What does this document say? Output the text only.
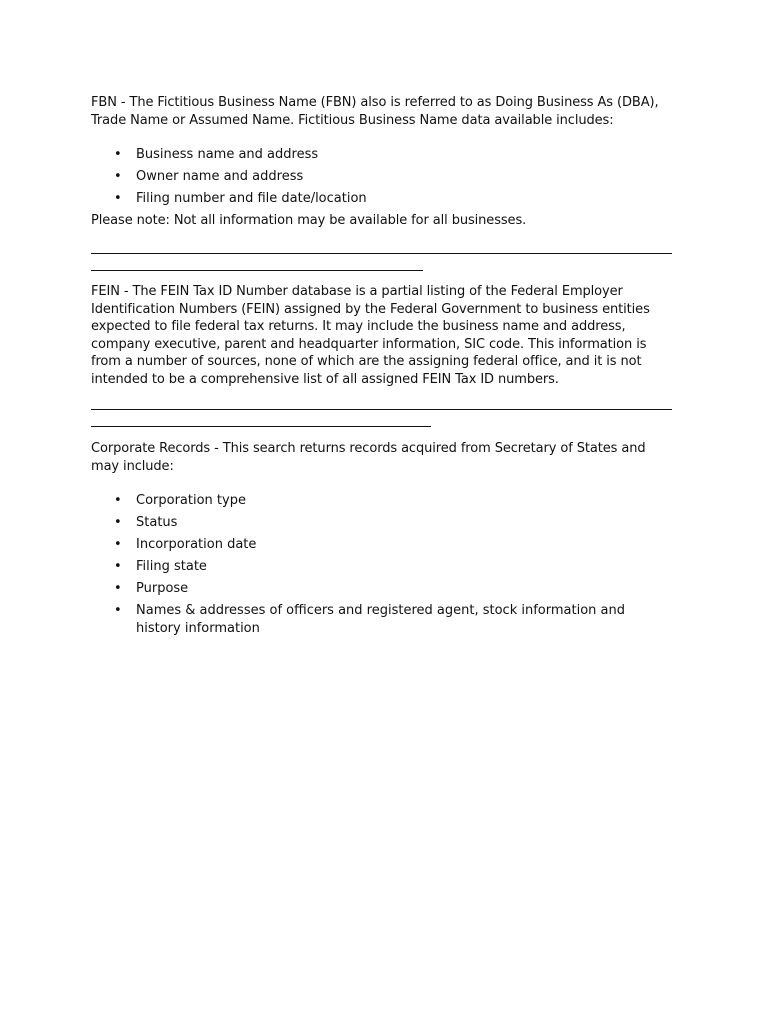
FBN - The Fictitious Business Name (FBN) also is referred to as Doing Business As (DBA), Trade Name or Assumed Name. Fictitious Business Name data available includes:
• Business name and address
• Owner name and address
• Filing number and file date/location
Please note: Not all information may be available for all businesses.
FEIN - The FEIN Tax ID Number database is a partial listing of the Federal Employer Identification Numbers (FEIN) assigned by the Federal Government to business entities expected to file federal tax returns. It may include the business name and address, company executive, parent and headquarter information, SIC code. This information is from a number of sources, none of which are the assigning federal office, and it is not intended to be a comprehensive list of all assigned FEIN Tax ID numbers.
Corporate Records - This search returns records acquired from Secretary of States and may include:
• Corporation type
• Status
• Incorporation date
• Filing state
• Purpose
• Names & addresses of officers and registered agent, stock information and history information
